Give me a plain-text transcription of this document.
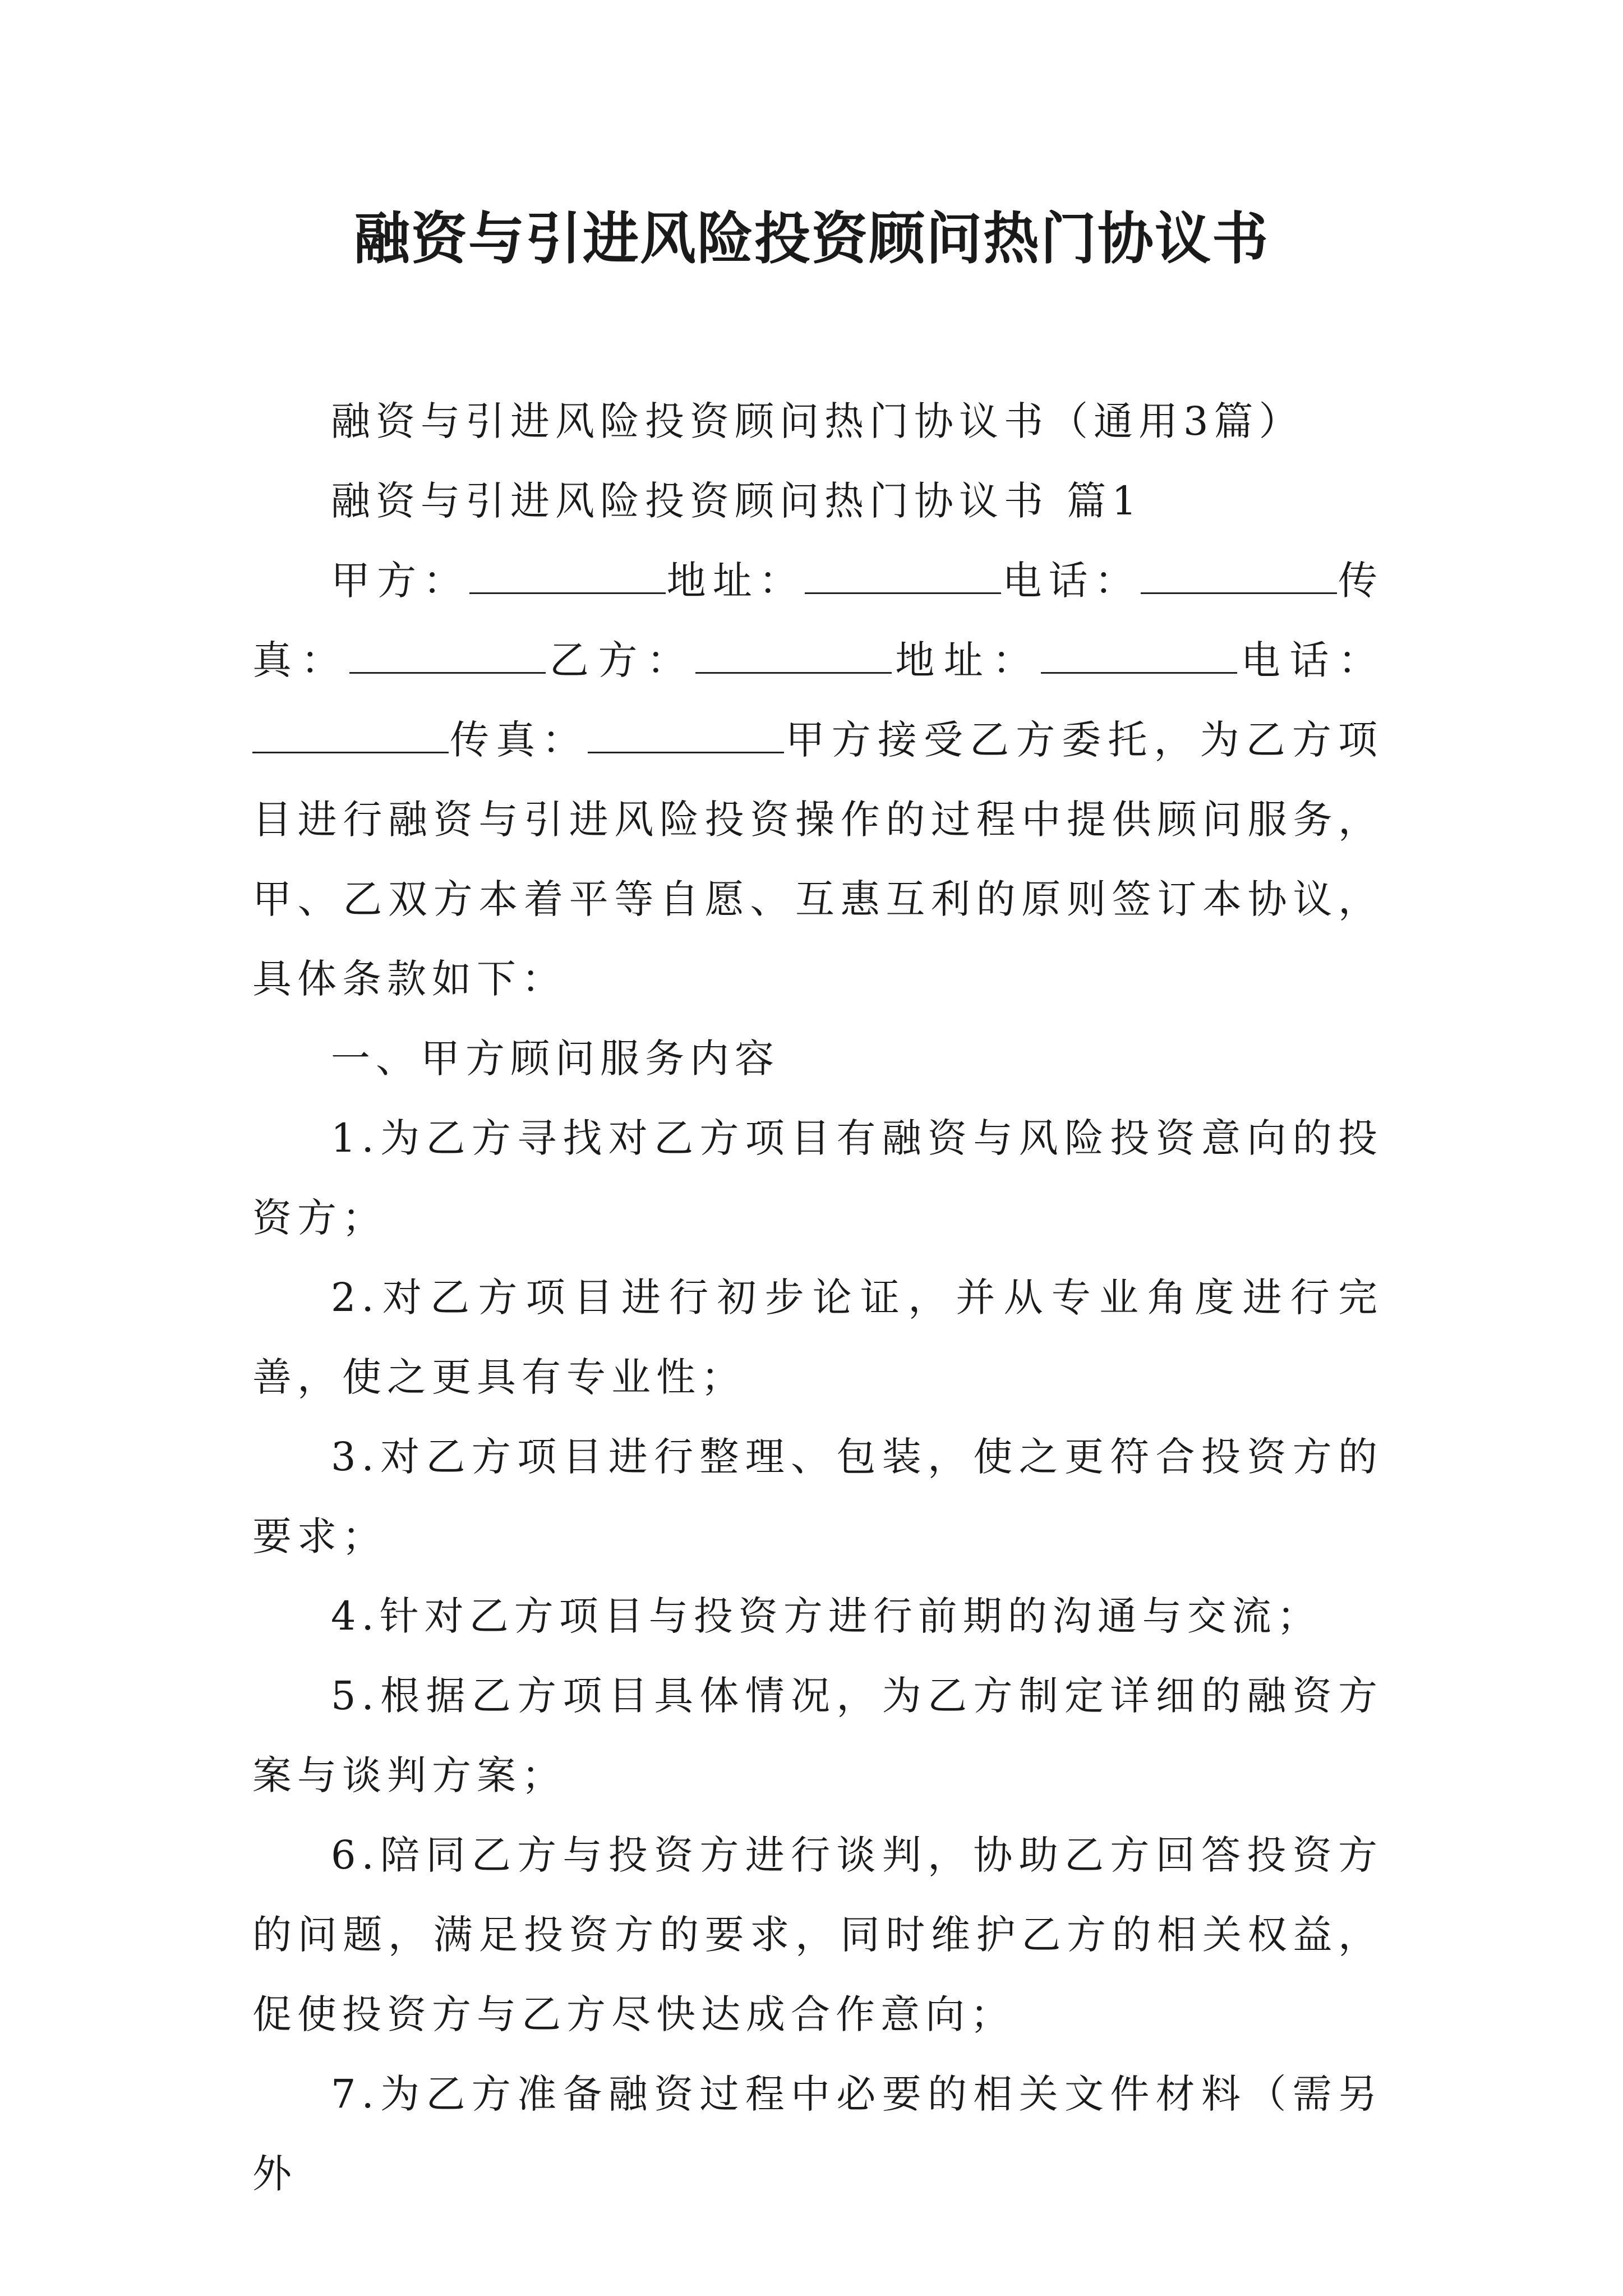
融资与引进风险投资顾问热门协议书

融资与引进风险投资顾问热门协议书（通用3篇）

融资与引进风险投资顾问热门协议书 篇1

甲方：	地址：	电话：	传真：	乙方：	地址：	电话：传真：	甲方接受乙方委托，为乙方项目进行融资与引进风险投资操作的过程中提供顾问服务，甲、乙双方本着平等自愿、互惠互利的原则签订本协议，具体条款如下：

一、甲方顾问服务内容

1.为乙方寻找对乙方项目有融资与风险投资意向的投资方；

2.对乙方项目进行初步论证，并从专业角度进行完善，使之更具有专业性；

3.对乙方项目进行整理、包装，使之更符合投资方的要求；

4.针对乙方项目与投资方进行前期的沟通与交流；

5.根据乙方项目具体情况，为乙方制定详细的融资方案与谈判方案；

6.陪同乙方与投资方进行谈判，协助乙方回答投资方的问题，满足投资方的要求，同时维护乙方的相关权益，促使投资方与乙方尽快达成合作意向；

7.为乙方准备融资过程中必要的相关文件材料（需另外
